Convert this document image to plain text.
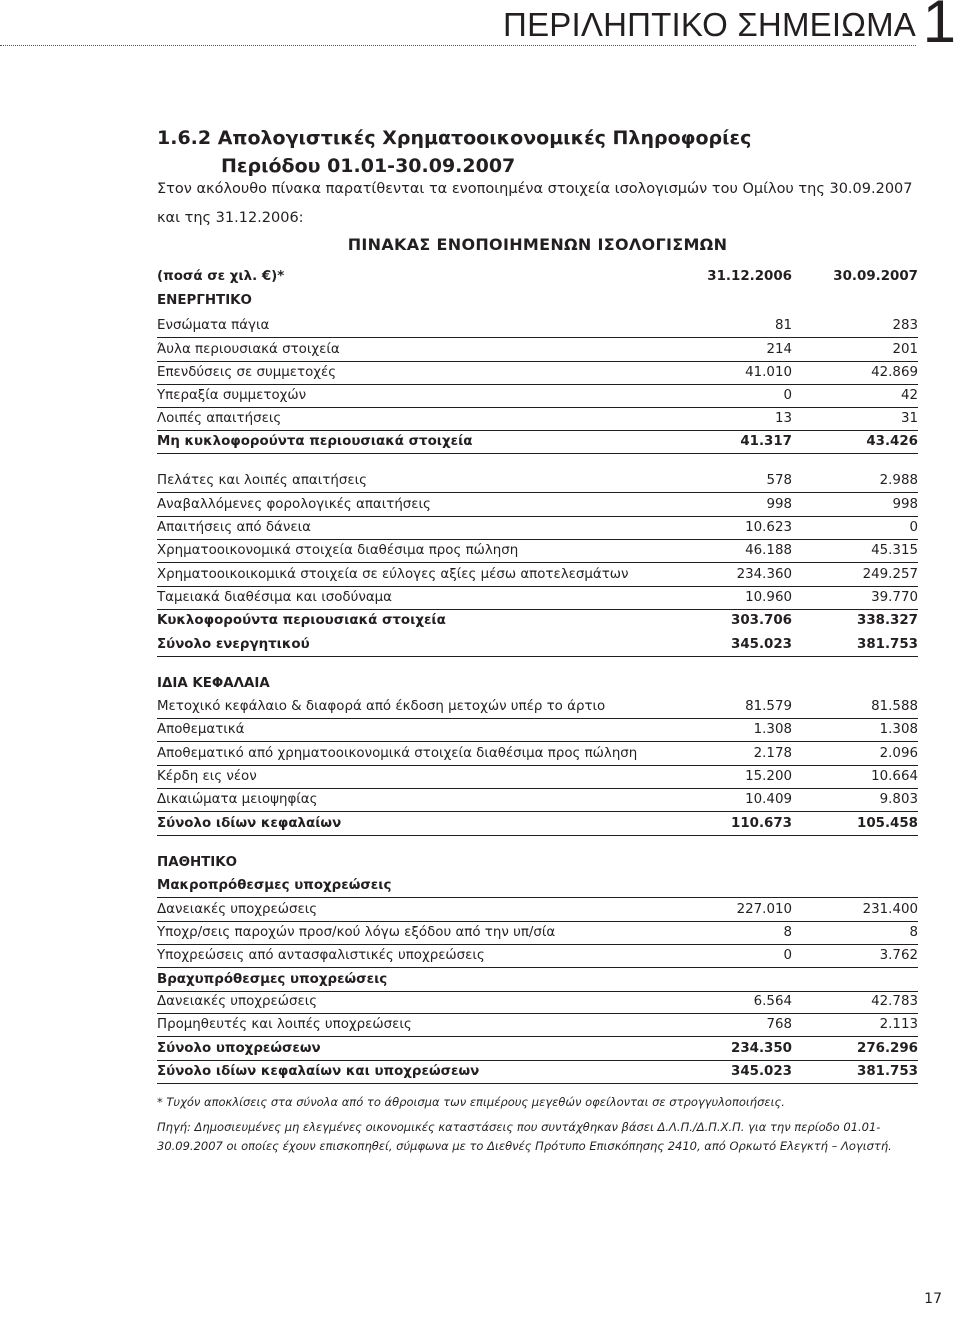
ΠΕΡΙΛΗΠΤΙΚΟ ΣΗΜΕΙΩΜΑ 1
1.6.2 Απολογιστικές Χρηματοοικονομικές Πληροφορίες
Περιόδου 01.01-30.09.2007
Στον ακόλουθο πίνακα παρατίθενται τα ενοποιημένα στοιχεία ισολογισμών του Ομίλου της 30.09.2007 και της 31.12.2006:
ΠΙΝΑΚΑΣ ΕΝΟΠΟΙΗΜΕΝΩΝ ΙΣΟΛΟΓΙΣΜΩΝ
(ποσά σε χιλ. €)*	31.12.2006	30.09.2007
ΕΝΕΡΓΗΤΙΚΟ
Ενσώματα πάγια	81	283
Άυλα περιουσιακά στοιχεία	214	201
Επενδύσεις σε συμμετοχές	41.010	42.869
Υπεραξία συμμετοχών	0	42
Λοιπές απαιτήσεις	13	31
Μη κυκλοφορούντα περιουσιακά στοιχεία	41.317	43.426
Πελάτες και λοιπές απαιτήσεις	578	2.988
Αναβαλλόμενες φορολογικές απαιτήσεις	998	998
Απαιτήσεις από δάνεια	10.623	0
Χρηματοοικονομικά στοιχεία διαθέσιμα προς πώληση	46.188	45.315
Χρηματοοικοικομικά στοιχεία σε εύλογες αξίες μέσω αποτελεσμάτων	234.360	249.257
Ταμειακά διαθέσιμα και ισοδύναμα	10.960	39.770
Κυκλοφορούντα περιουσιακά στοιχεία	303.706	338.327
Σύνολο ενεργητικού	345.023	381.753
ΙΔΙΑ ΚΕΦΑΛΑΙΑ
Μετοχικό κεφάλαιο & διαφορά από έκδοση μετοχών υπέρ το άρτιο	81.579	81.588
Αποθεματικά	1.308	1.308
Αποθεματικό από χρηματοοικονομικά στοιχεία διαθέσιμα προς πώληση	2.178	2.096
Κέρδη εις νέον	15.200	10.664
Δικαιώματα μειοψηφίας	10.409	9.803
Σύνολο ιδίων κεφαλαίων	110.673	105.458
ΠΑΘΗΤΙΚΟ
Μακροπρόθεσμες υποχρεώσεις
Δανειακές υποχρεώσεις	227.010	231.400
Υποχρ/σεις παροχών προσ/κού λόγω εξόδου από την υπ/σία	8	8
Υποχρεώσεις από αντασφαλιστικές υποχρεώσεις	0	3.762
Βραχυπρόθεσμες υποχρεώσεις
Δανειακές υποχρεώσεις	6.564	42.783
Προμηθευτές και λοιπές υποχρεώσεις	768	2.113
Σύνολο υποχρεώσεων	234.350	276.296
Σύνολο ιδίων κεφαλαίων και υποχρεώσεων	345.023	381.753
* Τυχόν αποκλίσεις στα σύνολα από το άθροισμα των επιμέρους μεγεθών οφείλονται σε στρογγυλοποιήσεις.
Πηγή: Δημοσιευμένες μη ελεγμένες οικονομικές καταστάσεις που συντάχθηκαν βάσει Δ.Λ.Π./Δ.Π.Χ.Π. για την περίοδο 01.01-30.09.2007 οι οποίες έχουν επισκοπηθεί, σύμφωνα με το Διεθνές Πρότυπο Επισκόπησης 2410, από Ορκωτό Ελεγκτή – Λογιστή.
17
